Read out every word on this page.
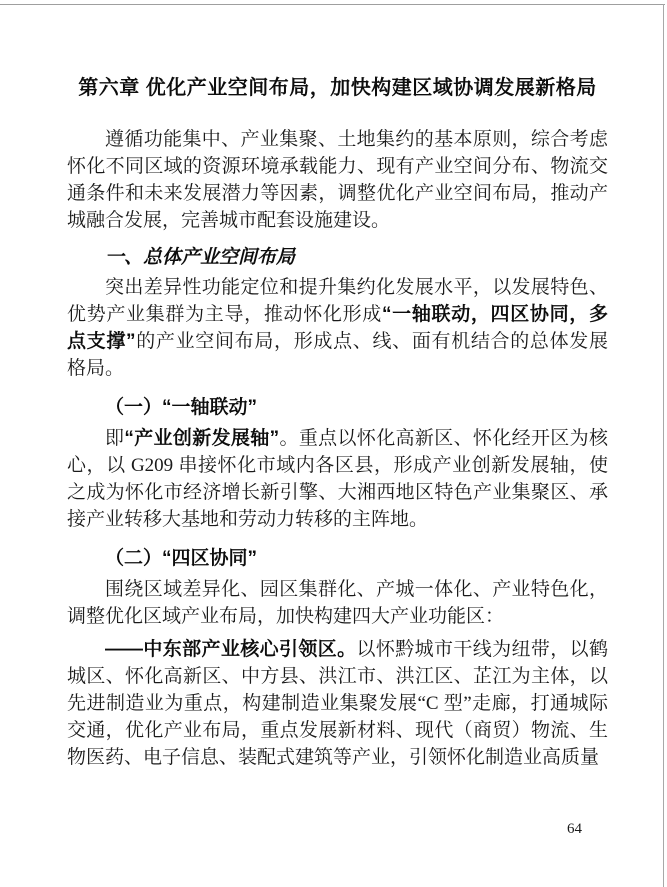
第六章 优化产业空间布局，加快构建区域协调发展新格局

遵循功能集中、产业集聚、土地集约的基本原则，综合考虑怀化不同区域的资源环境承载能力、现有产业空间分布、物流交通条件和未来发展潜力等因素，调整优化产业空间布局，推动产城融合发展，完善城市配套设施建设。

一、总体产业空间布局

突出差异性功能定位和提升集约化发展水平，以发展特色、优势产业集群为主导，推动怀化形成“一轴联动，四区协同，多点支撑”的产业空间布局，形成点、线、面有机结合的总体发展格局。

（一）“一轴联动”

即“产业创新发展轴”。重点以怀化高新区、怀化经开区为核心，以 G209 串接怀化市域内各区县，形成产业创新发展轴，使之成为怀化市经济增长新引擎、大湘西地区特色产业集聚区、承接产业转移大基地和劳动力转移的主阵地。

（二）“四区协同”

围绕区域差异化、园区集群化、产城一体化、产业特色化，调整优化区域产业布局，加快构建四大产业功能区：

——中东部产业核心引领区。以怀黔城市干线为纽带，以鹤城区、怀化高新区、中方县、洪江市、洪江区、芷江为主体，以先进制造业为重点，构建制造业集聚发展“C 型”走廊，打通城际交通，优化产业布局，重点发展新材料、现代（商贸）物流、生物医药、电子信息、装配式建筑等产业，引领怀化制造业高质量

64
